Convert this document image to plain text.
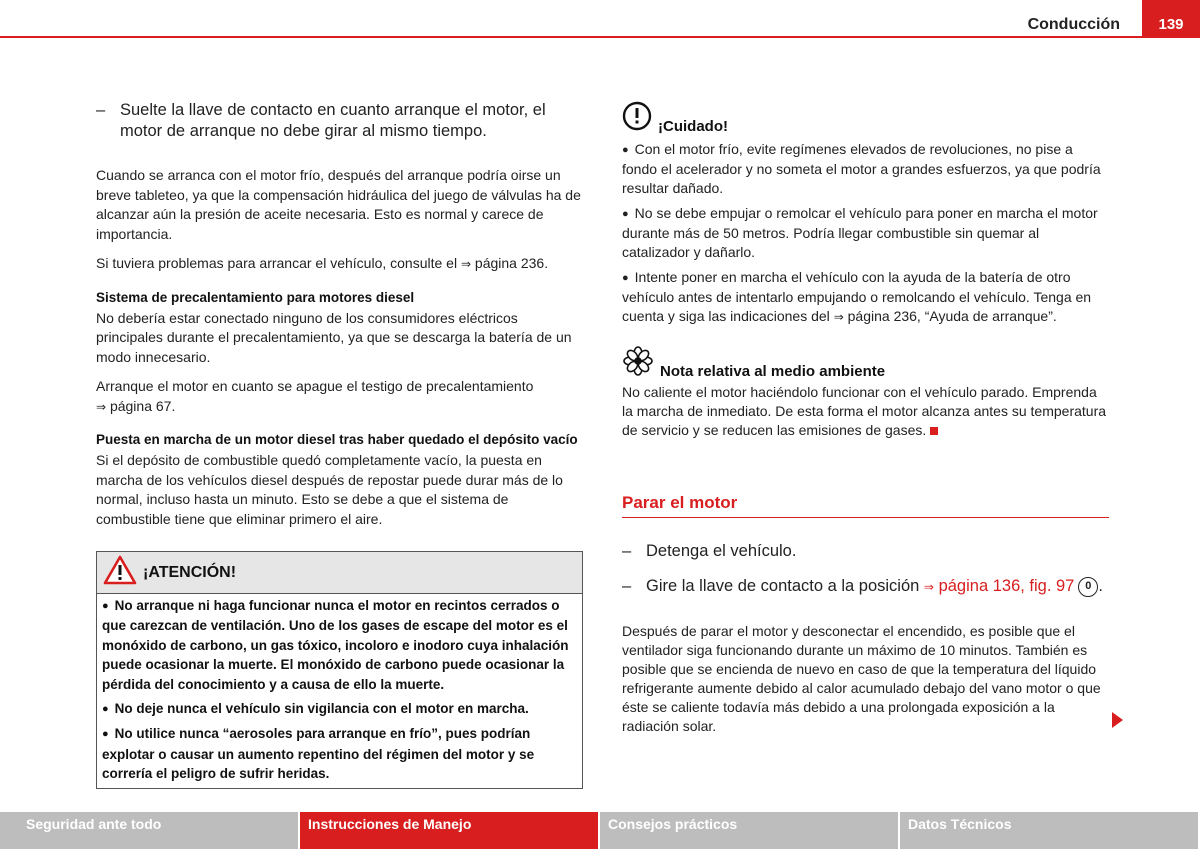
Conducción	139
– Suelte la llave de contacto en cuanto arranque el motor, el motor de arranque no debe girar al mismo tiempo.

Cuando se arranca con el motor frío, después del arranque podría oirse un breve tableteo, ya que la compensación hidráulica del juego de válvulas ha de alcanzar aún la presión de aceite necesaria. Esto es normal y carece de importancia.

Si tuviera problemas para arrancar el vehículo, consulte el ⇒ página 236.

Sistema de precalentamiento para motores diesel

No debería estar conectado ninguno de los consumidores eléctricos principales durante el precalentamiento, ya que se descarga la batería de un modo innecesario.

Arranque el motor en cuanto se apague el testigo de precalentamiento
⇒ página 67.

Puesta en marcha de un motor diesel tras haber quedado el depósito vacío

Si el depósito de combustible quedó completamente vacío, la puesta en marcha de los vehículos diesel después de repostar puede durar más de lo normal, incluso hasta un minuto. Esto se debe a que el sistema de combustible tiene que eliminar primero el aire.

¡ATENCIÓN!

● No arranque ni haga funcionar nunca el motor en recintos cerrados o que carezcan de ventilación. Uno de los gases de escape del motor es el monóxido de carbono, un gas tóxico, incoloro e inodoro cuya inhalación puede ocasionar la muerte. El monóxido de carbono puede ocasionar la pérdida del conocimiento y a causa de ello la muerte.

● No deje nunca el vehículo sin vigilancia con el motor en marcha.

● No utilice nunca “aerosoles para arranque en frío”, pues podrían explotar o causar un aumento repentino del régimen del motor y se correría el peligro de sufrir heridas.

¡Cuidado!

● Con el motor frío, evite regímenes elevados de revoluciones, no pise a fondo el acelerador y no someta el motor a grandes esfuerzos, ya que podría resultar dañado.

● No se debe empujar o remolcar el vehículo para poner en marcha el motor durante más de 50 metros. Podría llegar combustible sin quemar al catalizador y dañarlo.

● Intente poner en marcha el vehículo con la ayuda de la batería de otro vehículo antes de intentarlo empujando o remolcando el vehículo. Tenga en cuenta y siga las indicaciones del ⇒ página 236, “Ayuda de arranque”.

Nota relativa al medio ambiente

No caliente el motor haciéndolo funcionar con el vehículo parado. Emprenda la marcha de inmediato. De esta forma el motor alcanza antes su temperatura de servicio y se reducen las emisiones de gases.

Parar el motor
– Detenga el vehículo.
– Gire la llave de contacto a la posición ⇒ página 136, fig. 97 0 .

Después de parar el motor y desconectar el encendido, es posible que el ventilador siga funcionando durante un máximo de 10 minutos. También es posible que se encienda de nuevo en caso de que la temperatura del líquido refrigerante aumente debido al calor acumulado debajo del vano motor o que éste se caliente todavía más debido a una prolongada exposición a la radiación solar.

Seguridad ante todo	Instrucciones de Manejo	Consejos prácticos	Datos Técnicos
